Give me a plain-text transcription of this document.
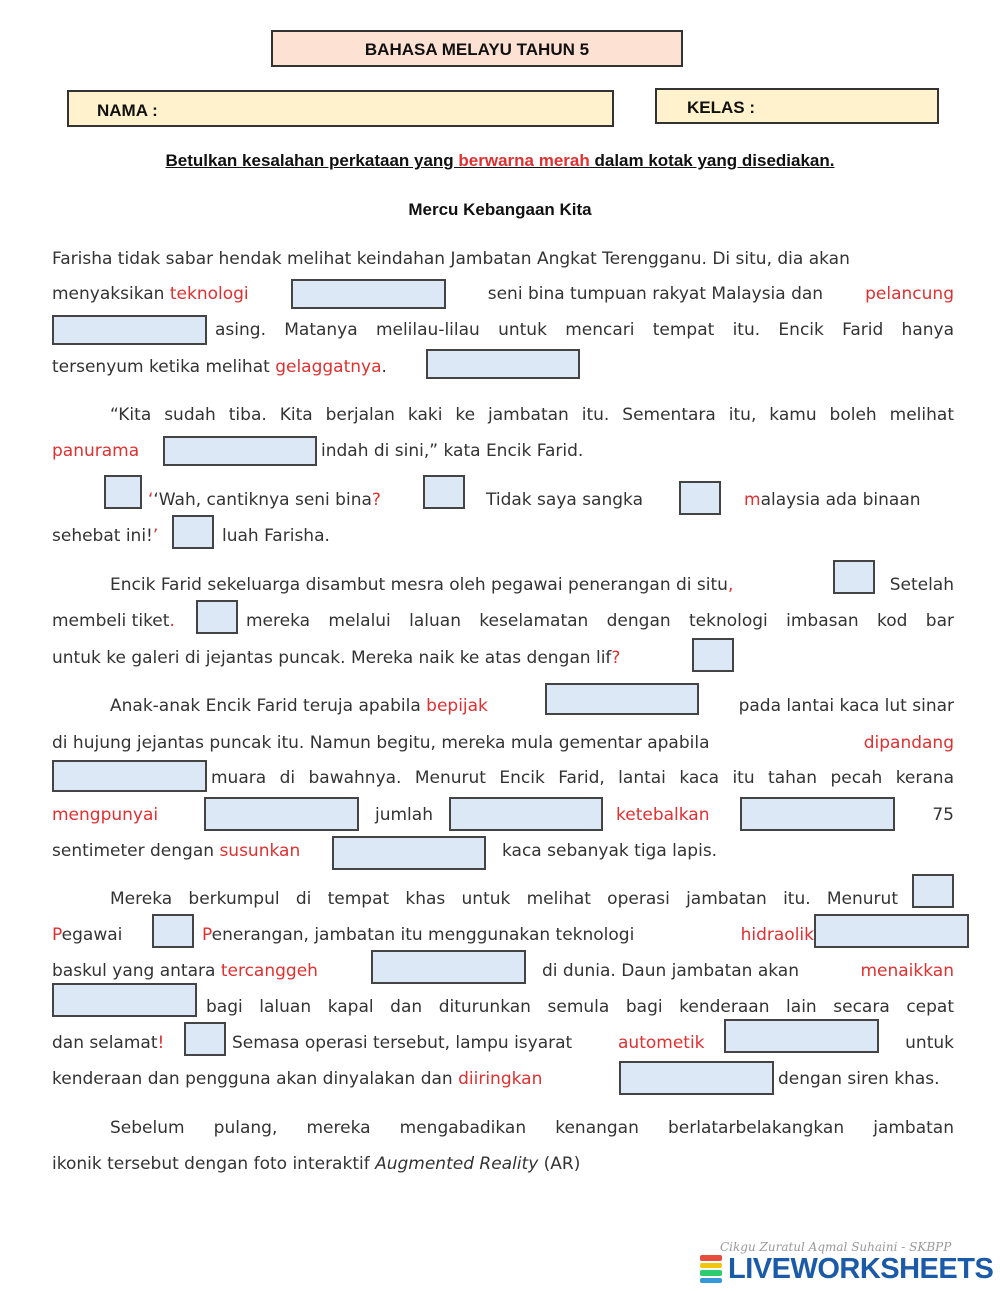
BAHASA MELAYU TAHUN 5
NAMA :	KELAS :
Betulkan kesalahan perkataan yang berwarna merah dalam kotak yang disediakan.
Mercu Kebangaan Kita
Farisha tidak sabar hendak melihat keindahan Jambatan Angkat Terengganu. Di situ, dia akan
menyaksikan teknologi	seni bina tumpuan rakyat Malaysia dan pelancung
asing. Matanya melilau-lilau untuk mencari tempat itu. Encik Farid hanya
tersenyum ketika melihat gelaggatnya.
“Kita sudah tiba. Kita berjalan kaki ke jambatan itu. Sementara itu, kamu boleh melihat
panurama	indah di sini,” kata Encik Farid.
‘‘Wah, cantiknya seni bina?	Tidak saya sangka	malaysia ada binaan
sehebat ini!’	luah Farisha.
Encik Farid sekeluarga disambut mesra oleh pegawai penerangan di situ,	Setelah
membeli tiket.	mereka melalui laluan keselamatan dengan teknologi imbasan kod bar
untuk ke galeri di jejantas puncak. Mereka naik ke atas dengan lif?
Anak-anak Encik Farid teruja apabila bepijak	pada lantai kaca lut sinar
di hujung jejantas puncak itu. Namun begitu, mereka mula gementar apabila	dipandang
muara di bawahnya. Menurut Encik Farid, lantai kaca itu tahan pecah kerana
mengpunyai	jumlah	ketebalkan	75
sentimeter dengan susunkan	kaca sebanyak tiga lapis.
Mereka berkumpul di tempat khas untuk melihat operasi jambatan itu. Menurut
Pegawai	Penerangan, jambatan itu menggunakan teknologi	hidraolik
baskul yang antara tercanggeh	di dunia. Daun jambatan akan	menaikkan
bagi laluan kapal dan diturunkan semula bagi kenderaan lain secara cepat
dan selamat!	Semasa operasi tersebut, lampu isyarat	autometik	untuk
kenderaan dan pengguna akan dinyalakan dan diiringkan	dengan siren khas.
Sebelum pulang, mereka mengabadikan kenangan berlatarbelakangkan jambatan
ikonik tersebut dengan foto interaktif Augmented Reality (AR)
Cikgu Zuratul Aqmal Suhaini - SKBPP
LIVEWORKSHEETS
